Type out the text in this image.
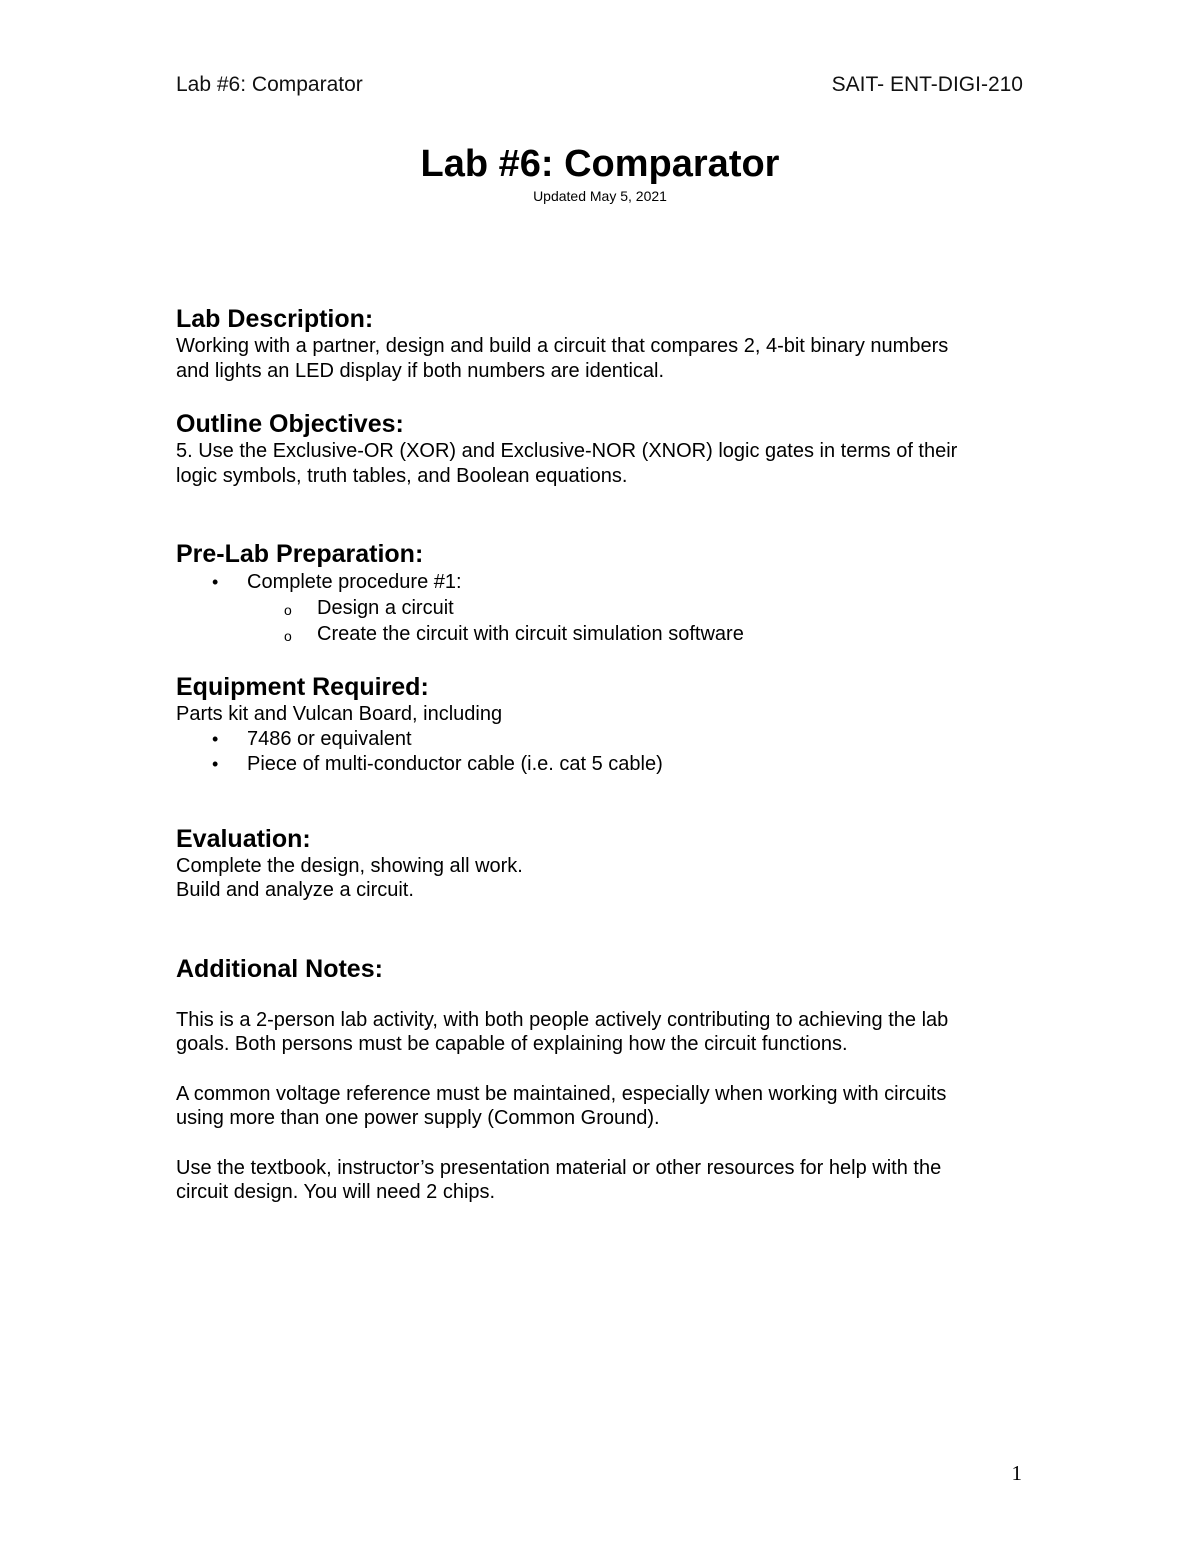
Lab #6: Comparator	SAIT- ENT-DIGI-210
Lab #6: Comparator
Updated May 5, 2021
Lab Description:

Working with a partner, design and build a circuit that compares 2, 4-bit binary numbers

and lights an LED display if both numbers are identical.

Outline Objectives:

5. Use the Exclusive-OR (XOR) and Exclusive-NOR (XNOR) logic gates in terms of their

logic symbols, truth tables, and Boolean equations.

Pre-Lab Preparation:
• Complete procedure #1:
o Design a circuit
o Create the circuit with circuit simulation software
Equipment Required:

Parts kit and Vulcan Board, including

• 7486 or equivalent
• Piece of multi-conductor cable (i.e. cat 5 cable)
Evaluation:

Complete the design, showing all work.

Build and analyze a circuit.

Additional Notes:

This is a 2-person lab activity, with both people actively contributing to achieving the lab

goals. Both persons must be capable of explaining how the circuit functions.

A common voltage reference must be maintained, especially when working with circuits

using more than one power supply (Common Ground).

Use the textbook, instructor’s presentation material or other resources for help with the

circuit design. You will need 2 chips.

1
